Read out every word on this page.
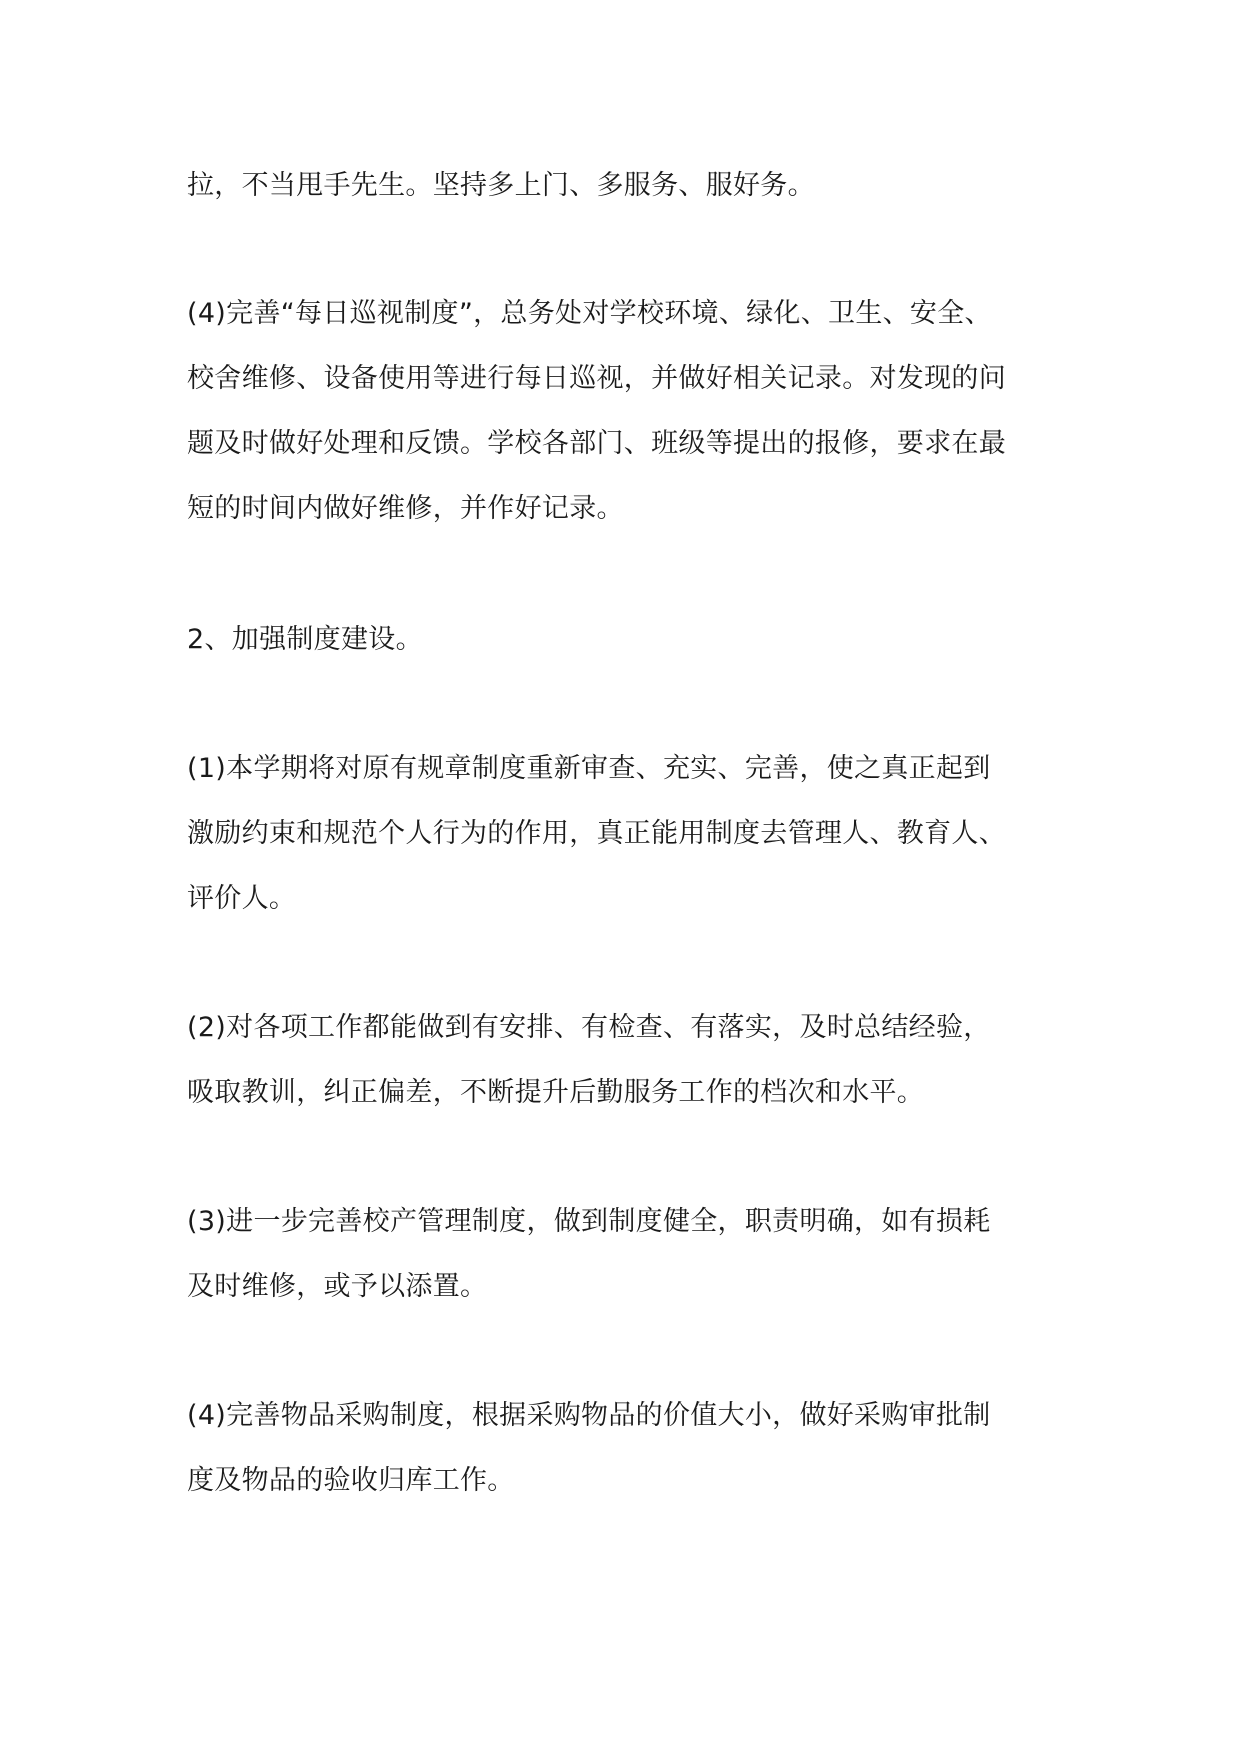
拉，不当甩手先生。坚持多上门、多服务、服好务。
(4)完善“每日巡视制度”，总务处对学校环境、绿化、卫生、安全、
校舍维修、设备使用等进行每日巡视，并做好相关记录。对发现的问
题及时做好处理和反馈。学校各部门、班级等提出的报修，要求在最
短的时间内做好维修，并作好记录。
2、加强制度建设。
(1)本学期将对原有规章制度重新审查、充实、完善，使之真正起到
激励约束和规范个人行为的作用，真正能用制度去管理人、教育人、
评价人。
(2)对各项工作都能做到有安排、有检查、有落实，及时总结经验，
吸取教训，纠正偏差，不断提升后勤服务工作的档次和水平。
(3)进一步完善校产管理制度，做到制度健全，职责明确，如有损耗
及时维修，或予以添置。
(4)完善物品采购制度，根据采购物品的价值大小，做好采购审批制
度及物品的验收归库工作。
